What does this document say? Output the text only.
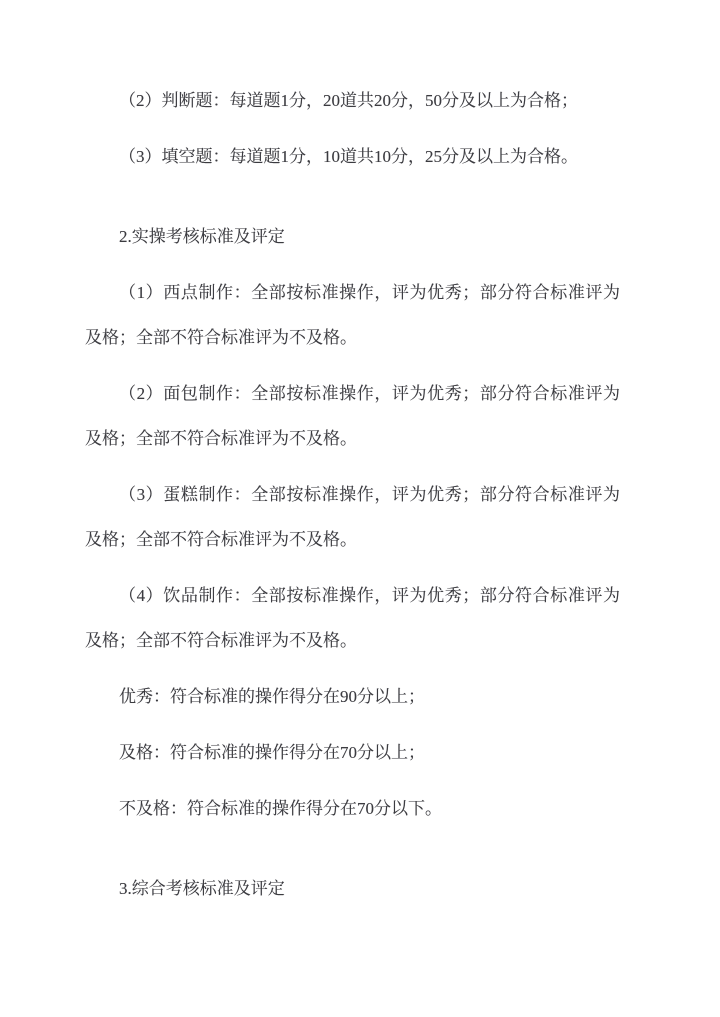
（2）判断题：每道题1分，20道共20分，50分及以上为合格；

（3）填空题：每道题1分，10道共10分，25分及以上为合格。

2.实操考核标准及评定

（1）西点制作：全部按标准操作，评为优秀；部分符合标准评为及格；全部不符合标准评为不及格。

（2）面包制作：全部按标准操作，评为优秀；部分符合标准评为及格；全部不符合标准评为不及格。

（3）蛋糕制作：全部按标准操作，评为优秀；部分符合标准评为及格；全部不符合标准评为不及格。

（4）饮品制作：全部按标准操作，评为优秀；部分符合标准评为及格；全部不符合标准评为不及格。

优秀：符合标准的操作得分在90分以上；

及格：符合标准的操作得分在70分以上；

不及格：符合标准的操作得分在70分以下。

3.综合考核标准及评定
